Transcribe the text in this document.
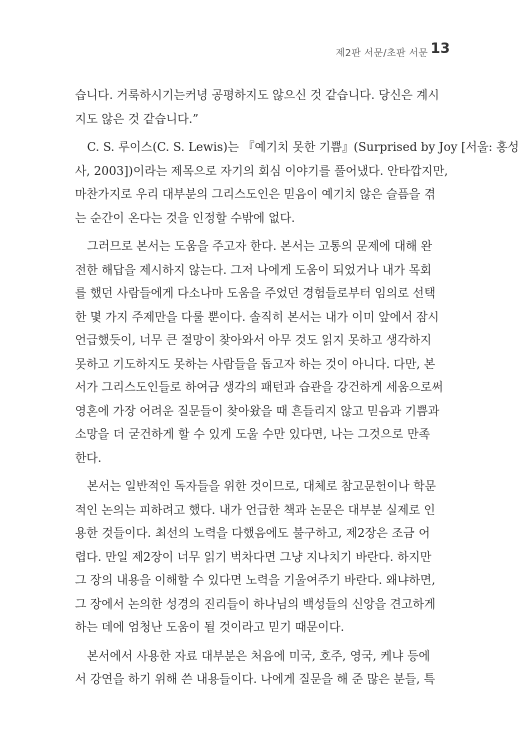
제2판 서문/초판 서문 13
습니다. 거룩하시기는커녕 공평하지도 않으신 것 같습니다. 당신은 계시
지도 않은 것 같습니다.”
C. S. 루이스(C. S. Lewis)는 『예기치 못한 기쁨』(Surprised by Joy [서울: 홍성
사, 2003])이라는 제목으로 자기의 회심 이야기를 풀어냈다. 안타깝지만,
마찬가지로 우리 대부분의 그리스도인은 믿음이 예기치 않은 슬픔을 겪
는 순간이 온다는 것을 인정할 수밖에 없다.
그러므로 본서는 도움을 주고자 한다. 본서는 고통의 문제에 대해 완
전한 해답을 제시하지 않는다. 그저 나에게 도움이 되었거나 내가 목회
를 했던 사람들에게 다소나마 도움을 주었던 경험들로부터 임의로 선택
한 몇 가지 주제만을 다룰 뿐이다. 솔직히 본서는 내가 이미 앞에서 잠시
언급했듯이, 너무 큰 절망이 찾아와서 아무 것도 읽지 못하고 생각하지
못하고 기도하지도 못하는 사람들을 돕고자 하는 것이 아니다. 다만, 본
서가 그리스도인들로 하여금 생각의 패턴과 습관을 강건하게 세움으로써
영혼에 가장 어려운 질문들이 찾아왔을 때 흔들리지 않고 믿음과 기쁨과
소망을 더 굳건하게 할 수 있게 도울 수만 있다면, 나는 그것으로 만족
한다.
본서는 일반적인 독자들을 위한 것이므로, 대체로 참고문헌이나 학문
적인 논의는 피하려고 했다. 내가 언급한 책과 논문은 대부분 실제로 인
용한 것들이다. 최선의 노력을 다했음에도 불구하고, 제2장은 조금 어
렵다. 만일 제2장이 너무 읽기 벅차다면 그냥 지나치기 바란다. 하지만
그 장의 내용을 이해할 수 있다면 노력을 기울여주기 바란다. 왜냐하면,
그 장에서 논의한 성경의 진리들이 하나님의 백성들의 신앙을 견고하게
하는 데에 엄청난 도움이 될 것이라고 믿기 때문이다.
본서에서 사용한 자료 대부분은 처음에 미국, 호주, 영국, 케냐 등에
서 강연을 하기 위해 쓴 내용들이다. 나에게 질문을 해 준 많은 분들, 특
